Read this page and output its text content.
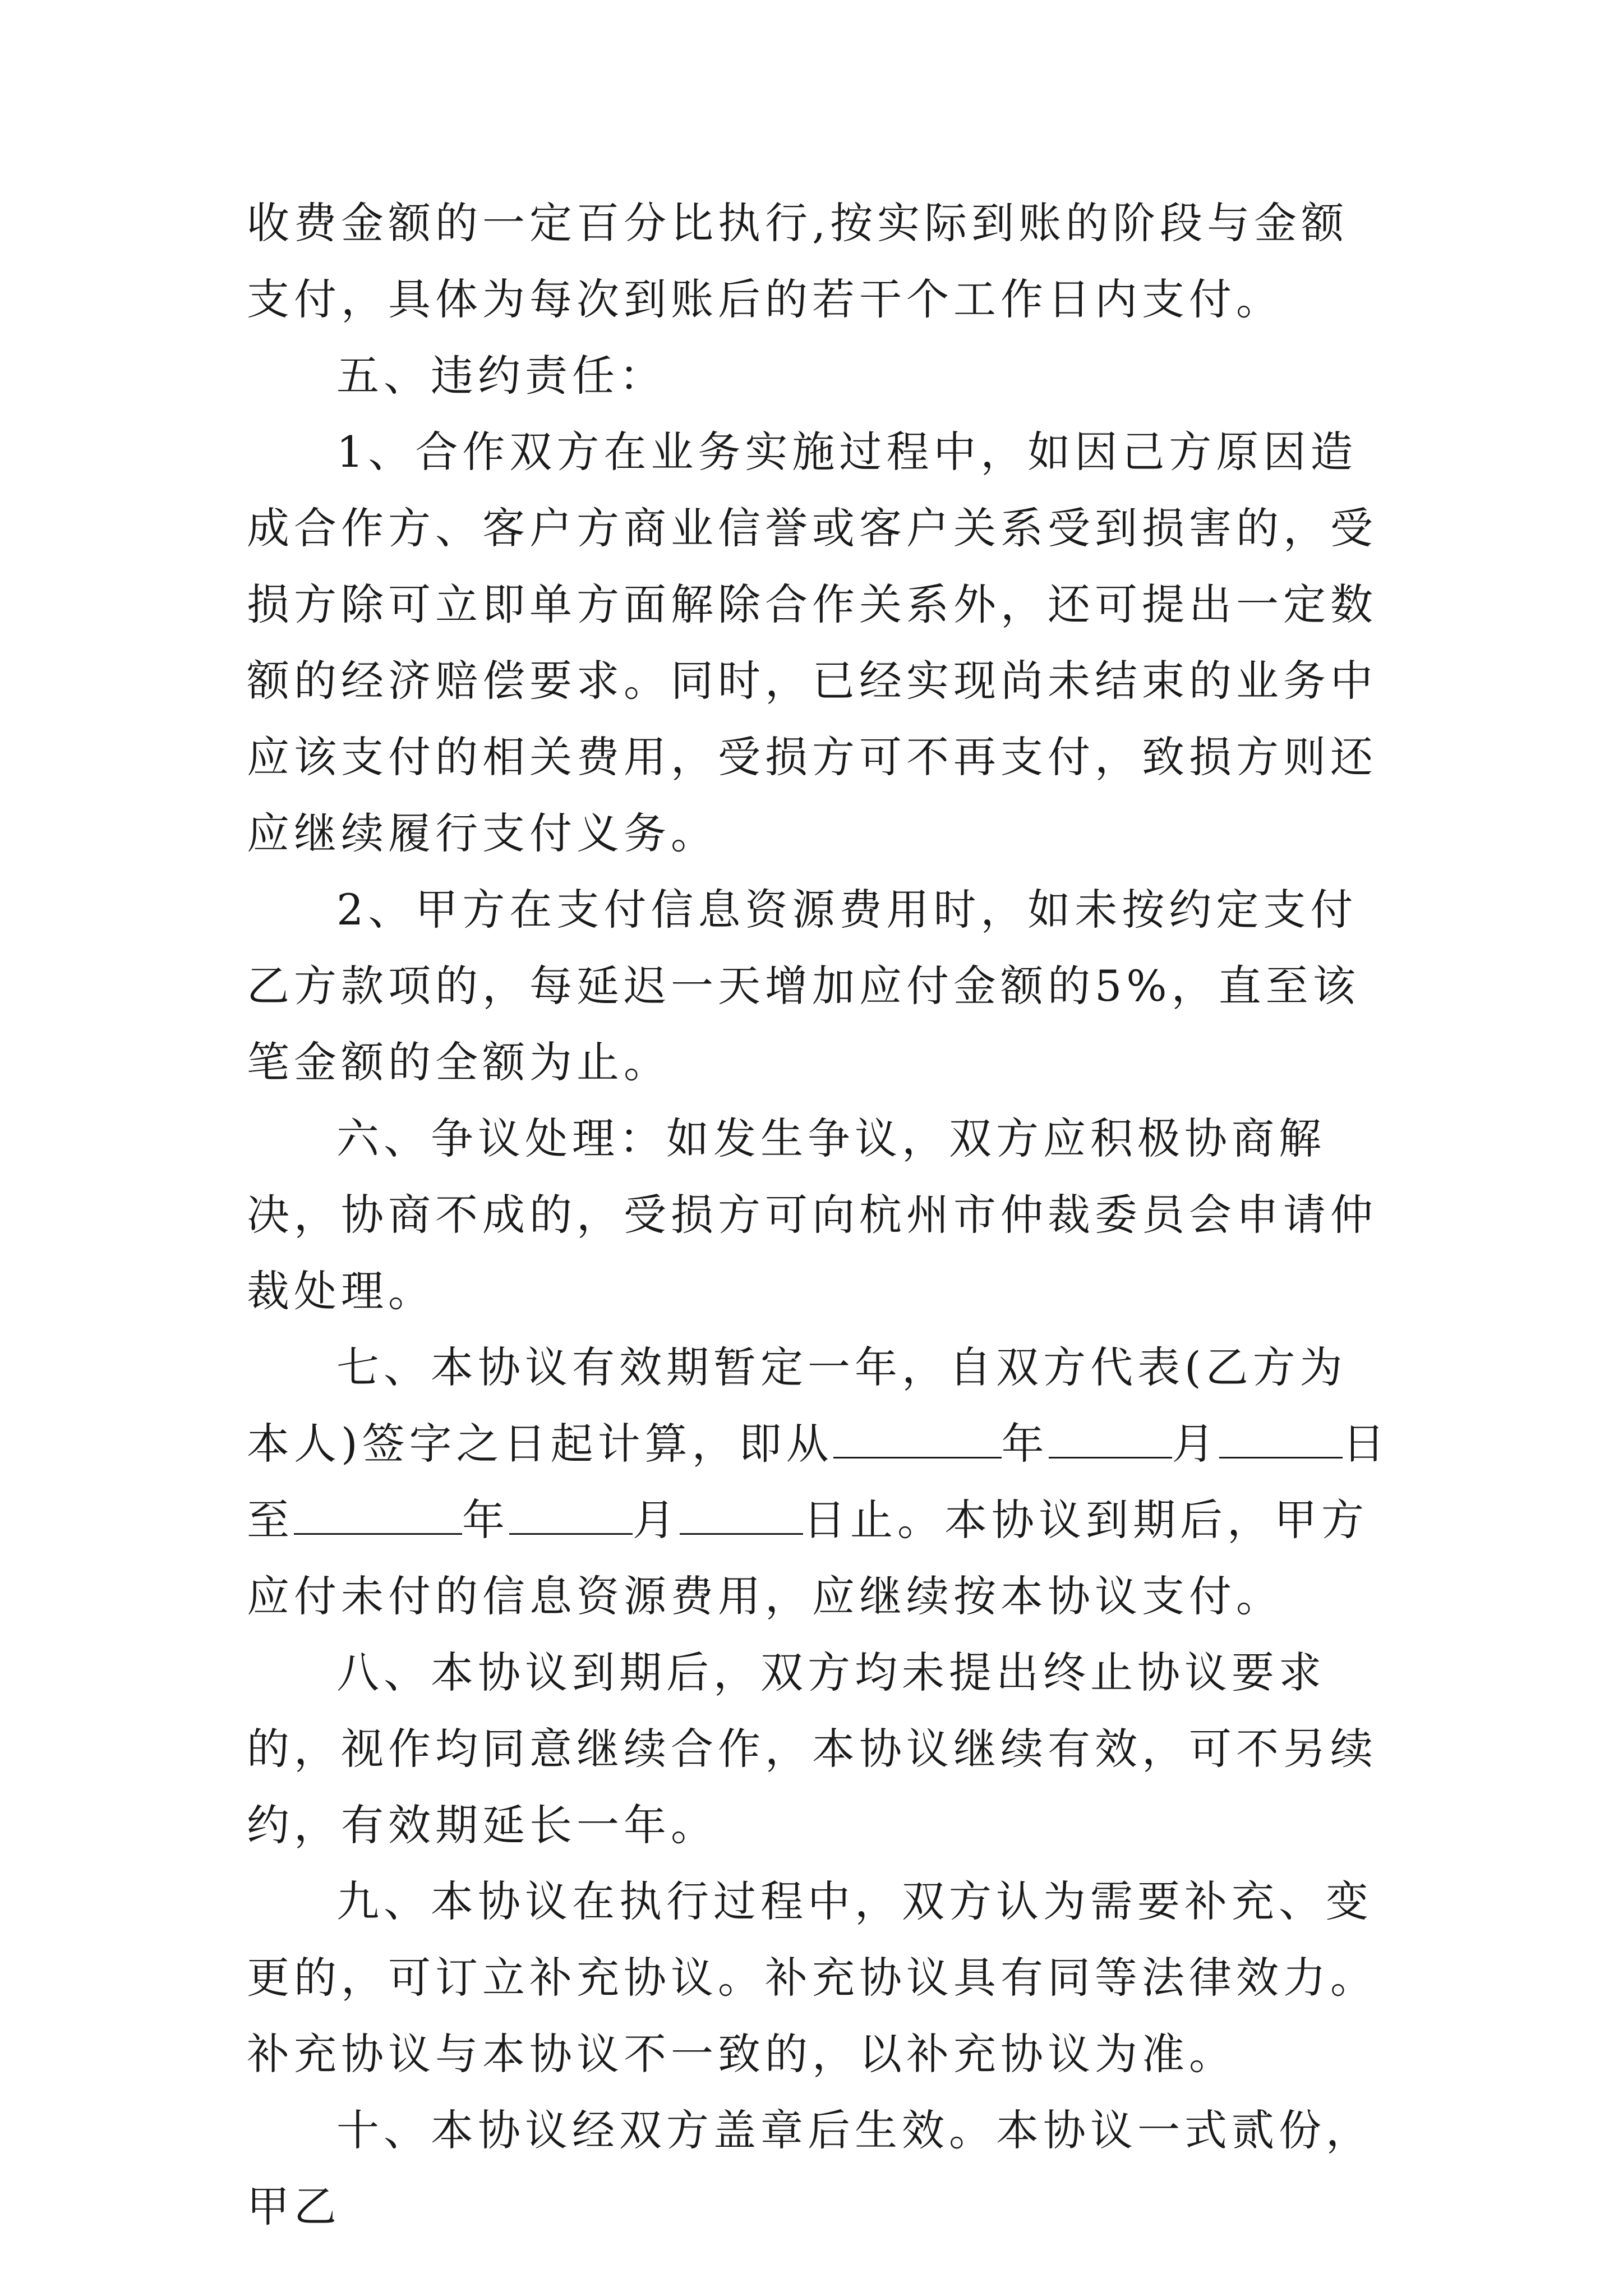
收费金额的一定百分比执行,按实际到账的阶段与金额支付，具体为每次到账后的若干个工作日内支付。

五、违约责任：

1、合作双方在业务实施过程中，如因己方原因造成合作方、客户方商业信誉或客户关系受到损害的，受损方除可立即单方面解除合作关系外，还可提出一定数额的经济赔偿要求。同时，已经实现尚未结束的业务中应该支付的相关费用，受损方可不再支付，致损方则还应继续履行支付义务。

2、甲方在支付信息资源费用时，如未按约定支付乙方款项的，每延迟一天增加应付金额的5%，直至该笔金额的全额为止。

六、争议处理：如发生争议，双方应积极协商解决，协商不成的，受损方可向杭州市仲裁委员会申请仲裁处理。

七、本协议有效期暂定一年，自双方代表(乙方为本人)签字之日起计算，即从	年	月	日至	年	月	日止。本协议到期后，甲方应付未付的信息资源费用，应继续按本协议支付。

八、本协议到期后，双方均未提出终止协议要求的，视作均同意继续合作，本协议继续有效，可不另续约，有效期延长一年。

九、本协议在执行过程中，双方认为需要补充、变更的，可订立补充协议。补充协议具有同等法律效力。补充协议与本协议不一致的，以补充协议为准。

十、本协议经双方盖章后生效。本协议一式贰份，甲乙
